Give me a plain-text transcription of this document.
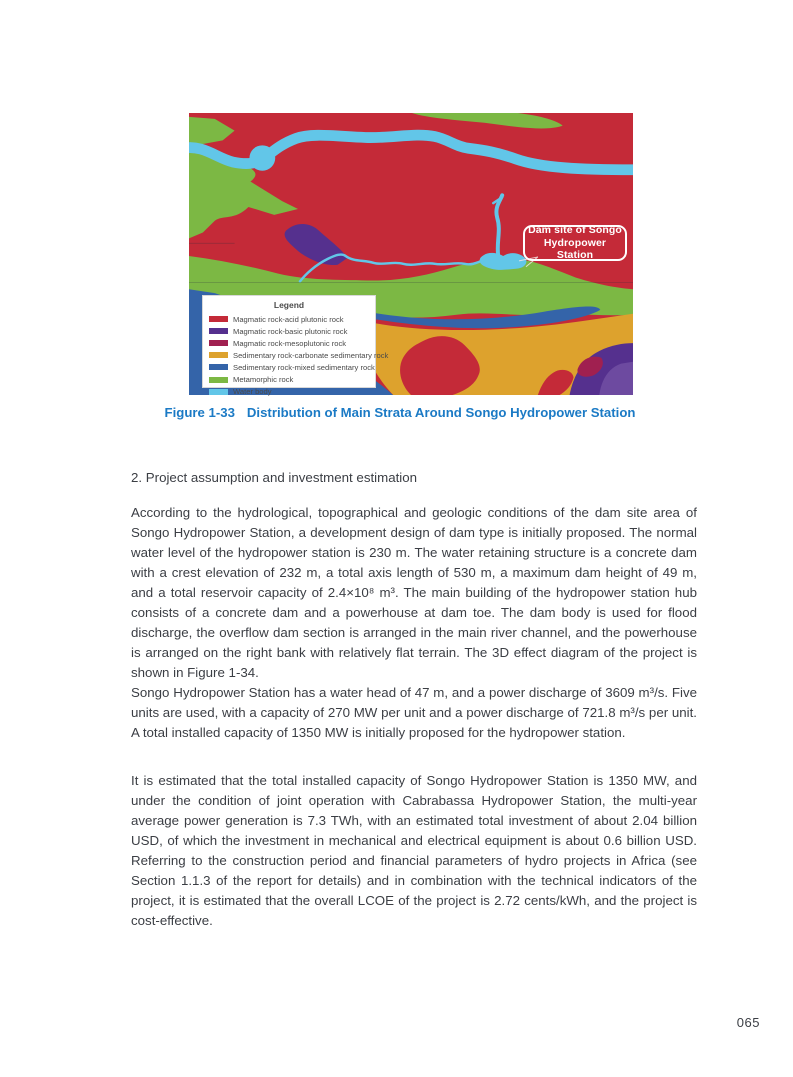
Dam site of Songo
Hydropower Station
Legend
Magmatic rock-acid plutonic rock
Magmatic rock-basic plutonic rock
Magmatic rock-mesoplutonic rock
Sedimentary rock-carbonate sedimentary rock
Sedimentary rock-mixed sedimentary rock
Metamorphic rock
Water body
Figure 1-33 Distribution of Main Strata Around Songo Hydropower Station
2. Project assumption and investment estimation
According to the hydrological, topographical and geologic conditions of the dam site area of Songo Hydropower Station, a development design of dam type is initially proposed. The normal water level of the hydropower station is 230 m. The water retaining structure is a concrete dam with a crest elevation of 232 m, a total axis length of 530 m, a maximum dam height of 49 m, and a total reservoir capacity of 2.4×10⁸ m³. The main building of the hydropower station hub consists of a concrete dam and a powerhouse at dam toe. The dam body is used for flood discharge, the overflow dam section is arranged in the main river channel, and the powerhouse is arranged on the right bank with relatively flat terrain. The 3D effect diagram of the project is shown in Figure 1-34.
Songo Hydropower Station has a water head of 47 m, and a power discharge of 3609 m³/s. Five units are used, with a capacity of 270 MW per unit and a power discharge of 721.8 m³/s per unit. A total installed capacity of 1350 MW is initially proposed for the hydropower station.
It is estimated that the total installed capacity of Songo Hydropower Station is 1350 MW, and under the condition of joint operation with Cabrabassa Hydropower Station, the multi-year average power generation is 7.3 TWh, with an estimated total investment of about 2.04 billion USD, of which the investment in mechanical and electrical equipment is about 0.6 billion USD. Referring to the construction period and financial parameters of hydro projects in Africa (see Section 1.1.3 of the report for details) and in combination with the technical indicators of the project, it is estimated that the overall LCOE of the project is 2.72 cents/kWh, and the project is cost-effective.
065
